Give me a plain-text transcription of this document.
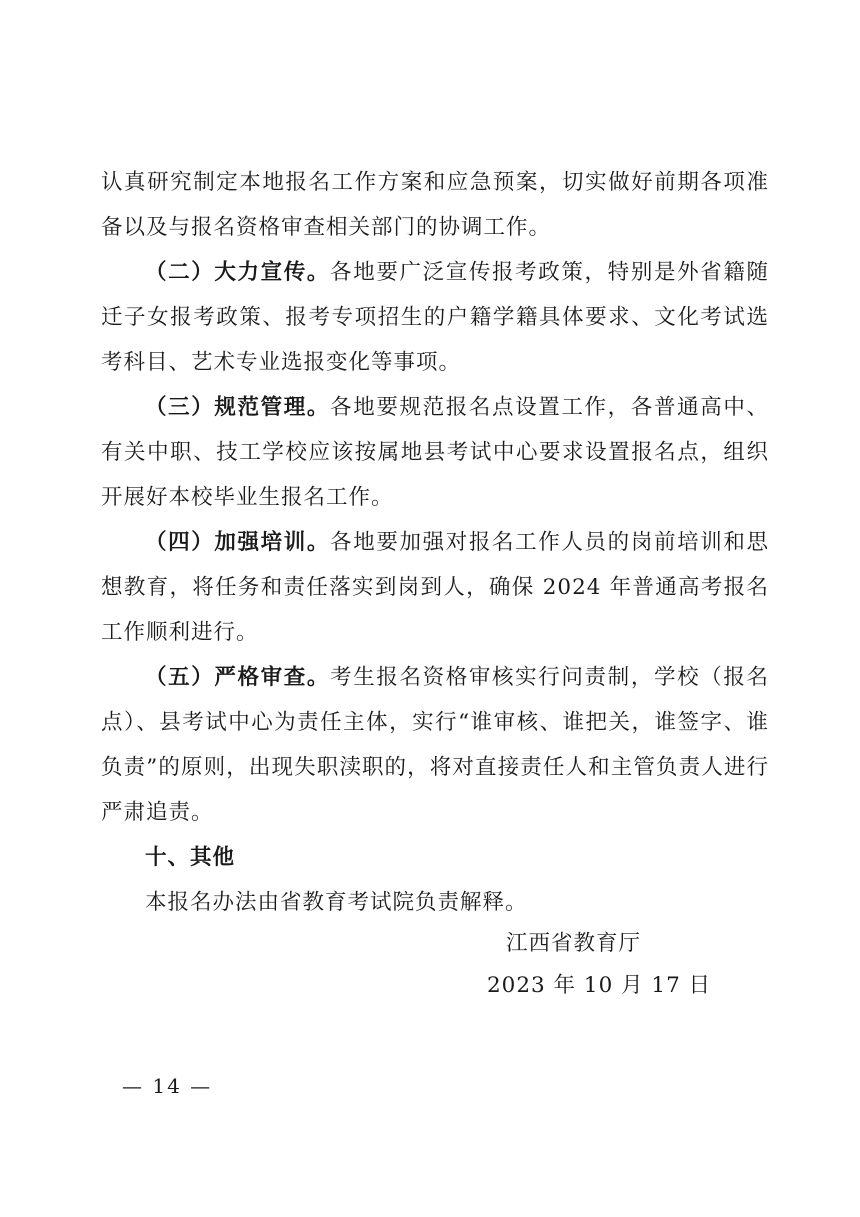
认真研究制定本地报名工作方案和应急预案，切实做好前期各项准备以及与报名资格审查相关部门的协调工作。

（二）大力宣传。各地要广泛宣传报考政策，特别是外省籍随迁子女报考政策、报考专项招生的户籍学籍具体要求、文化考试选考科目、艺术专业选报变化等事项。

（三）规范管理。各地要规范报名点设置工作，各普通高中、有关中职、技工学校应该按属地县考试中心要求设置报名点，组织开展好本校毕业生报名工作。

（四）加强培训。各地要加强对报名工作人员的岗前培训和思想教育，将任务和责任落实到岗到人，确保 2024 年普通高考报名工作顺利进行。

（五）严格审查。考生报名资格审核实行问责制，学校（报名点）、县考试中心为责任主体，实行“谁审核、谁把关，谁签字、谁负责”的原则，出现失职渎职的，将对直接责任人和主管负责人进行严肃追责。

十、其他

本报名办法由省教育考试院负责解释。

江西省教育厅
2023 年 10 月 17 日
— 14 —
